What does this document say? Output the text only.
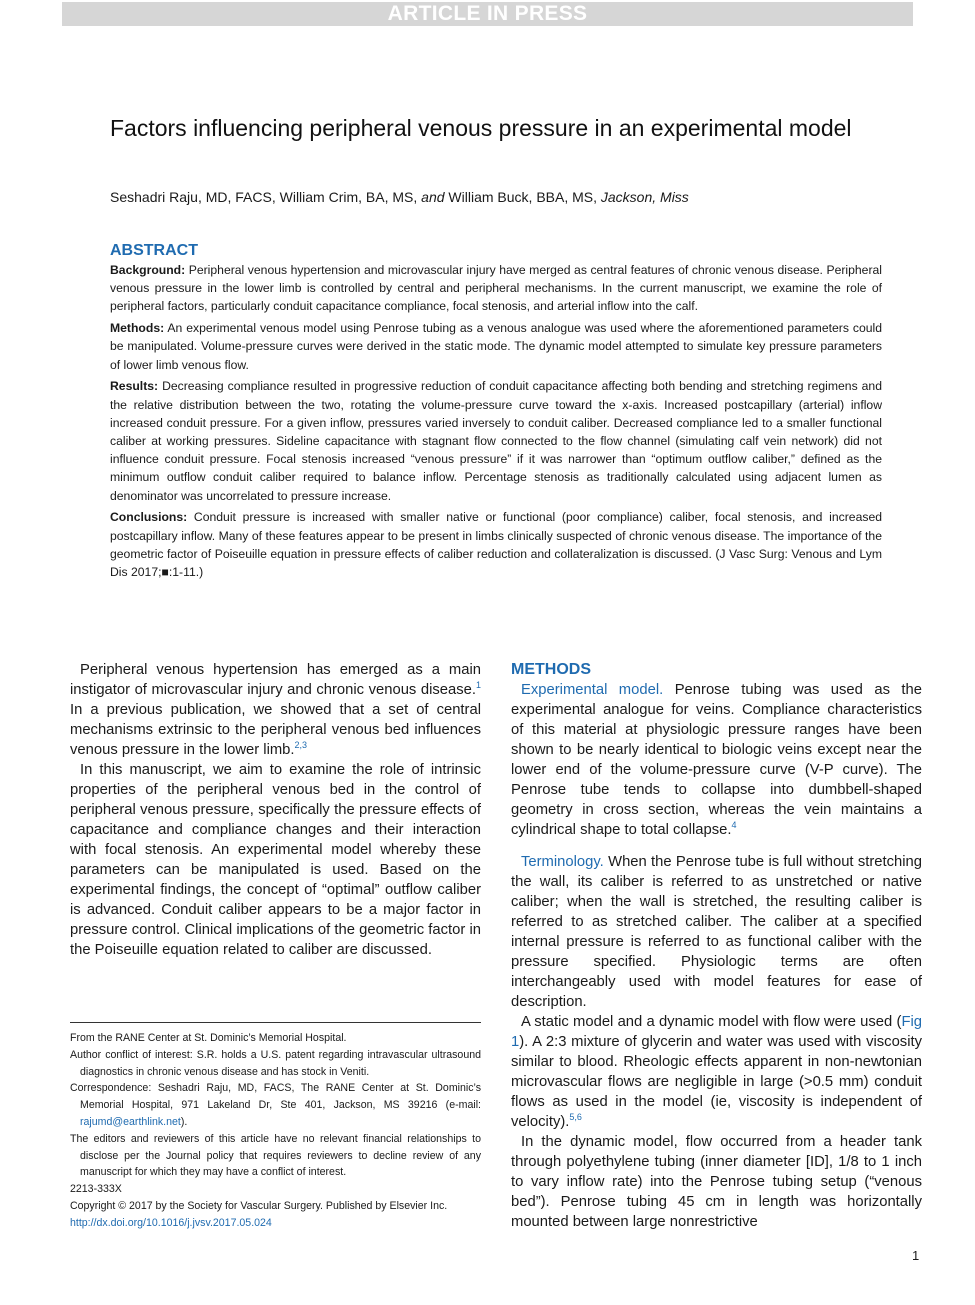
ARTICLE IN PRESS
Factors influencing peripheral venous pressure in an experimental model

Seshadri Raju, MD, FACS, William Crim, BA, MS, and William Buck, BBA, MS, Jackson, Miss

ABSTRACT

Background: Peripheral venous hypertension and microvascular injury have merged as central features of chronic venous disease. Peripheral venous pressure in the lower limb is controlled by central and peripheral mechanisms. In the current manuscript, we examine the role of peripheral factors, particularly conduit capacitance compliance, focal stenosis, and arterial inflow into the calf.

Methods: An experimental venous model using Penrose tubing as a venous analogue was used where the aforementioned parameters could be manipulated. Volume-pressure curves were derived in the static mode. The dynamic model attempted to simulate key pressure parameters of lower limb venous flow.

Results: Decreasing compliance resulted in progressive reduction of conduit capacitance affecting both bending and stretching regimens and the relative distribution between the two, rotating the volume-pressure curve toward the x-axis. Increased postcapillary (arterial) inflow increased conduit pressure. For a given inflow, pressures varied inversely to conduit caliber. Decreased compliance led to a smaller functional caliber at working pressures. Sideline capacitance with stagnant flow connected to the flow channel (simulating calf vein network) did not influence conduit pressure. Focal stenosis increased “venous pressure” if it was narrower than “optimum outflow caliber,” defined as the minimum outflow conduit caliber required to balance inflow. Percentage stenosis as traditionally calculated using adjacent lumen as denominator was uncorrelated to pressure increase.

Conclusions: Conduit pressure is increased with smaller native or functional (poor compliance) caliber, focal stenosis, and increased postcapillary inflow. Many of these features appear to be present in limbs clinically suspected of chronic venous disease. The importance of the geometric factor of Poiseuille equation in pressure effects of caliber reduction and collateralization is discussed. (J Vasc Surg: Venous and Lym Dis 2017;■:1-11.)

Peripheral venous hypertension has emerged as a main instigator of microvascular injury and chronic venous disease.$^1$ In a previous publication, we showed that a set of central mechanisms extrinsic to the peripheral venous bed influences venous pressure in the lower limb.$^{2,3}$

In this manuscript, we aim to examine the role of intrinsic properties of the peripheral venous bed in the control of peripheral venous pressure, specifically the pressure effects of capacitance and compliance changes and their interaction with focal stenosis. An experimental model whereby these parameters can be manipulated is used. Based on the experimental findings, the concept of “optimal” outflow caliber is advanced. Conduit caliber appears to be a major factor in pressure control. Clinical implications of the geometric factor in the Poiseuille equation related to caliber are discussed.

From the RANE Center at St. Dominic’s Memorial Hospital.

Author conflict of interest: S.R. holds a U.S. patent regarding intravascular ultrasound diagnostics in chronic venous disease and has stock in Veniti.

Correspondence: Seshadri Raju, MD, FACS, The RANE Center at St. Dominic’s Memorial Hospital, 971 Lakeland Dr, Ste 401, Jackson, MS 39216 (e-mail: rajumd@earthlink.net).

The editors and reviewers of this article have no relevant financial relationships to disclose per the Journal policy that requires reviewers to decline review of any manuscript for which they may have a conflict of interest.

2213-333X

Copyright © 2017 by the Society for Vascular Surgery. Published by Elsevier Inc.

http://dx.doi.org/10.1016/j.jvsv.2017.05.024

METHODS

Experimental model. Penrose tubing was used as the experimental analogue for veins. Compliance characteristics of this material at physiologic pressure ranges have been shown to be nearly identical to biologic veins except near the lower end of the volume-pressure curve (V-P curve). The Penrose tube tends to collapse into dumbbell-shaped geometry in cross section, whereas the vein maintains a cylindrical shape to total collapse.$^4$

Terminology. When the Penrose tube is full without stretching the wall, its caliber is referred to as unstretched or native caliber; when the wall is stretched, the resulting caliber is referred to as stretched caliber. The caliber at a specified internal pressure is referred to as functional caliber with the pressure specified. Physiologic terms are often interchangeably used with model features for ease of description.

A static model and a dynamic model with flow were used (Fig 1). A 2:3 mixture of glycerin and water was used with viscosity similar to blood. Rheologic effects apparent in non-newtonian microvascular flows are negligible in large (>0.5 mm) conduit flows as used in the model (ie, viscosity is independent of velocity).$^{5,6}$

In the dynamic model, flow occurred from a header tank through polyethylene tubing (inner diameter [ID], 1/8 to 1 inch to vary inflow rate) into the Penrose tubing setup (“venous bed”). Penrose tubing 45 cm in length was horizontally mounted between large nonrestrictive

1
